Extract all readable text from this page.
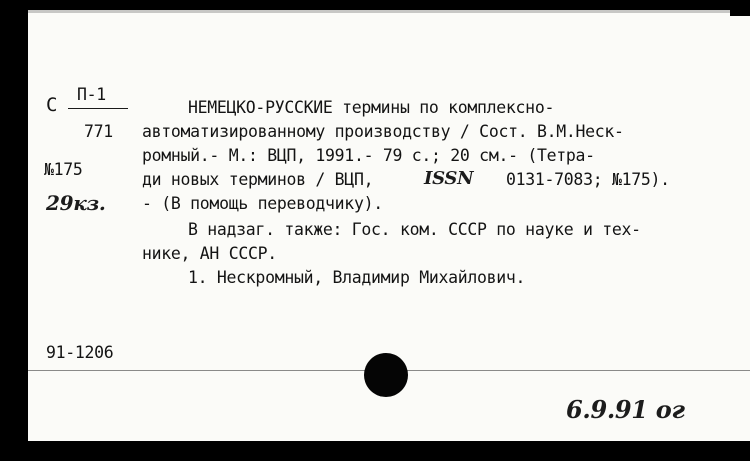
С П-1
771
№175
29кз.
НЕМЕЦКО-РУССКИЕ термины по комплексно-
автоматизированному производству / Сост. В.М.Неск-
ромный.- М.: ВЦП, 1991.- 79 с.; 20 см.- (Тетра-
ди новых терминов / ВЦП,	ISSN 0131-7083; №175).
- (В помощь переводчику).
В надзаг. также: Гос. ком. СССР по науке и тех-
нике, АН СССР.
1. Нескромный, Владимир Михайлович.
91-1206
6.9.91 ог
